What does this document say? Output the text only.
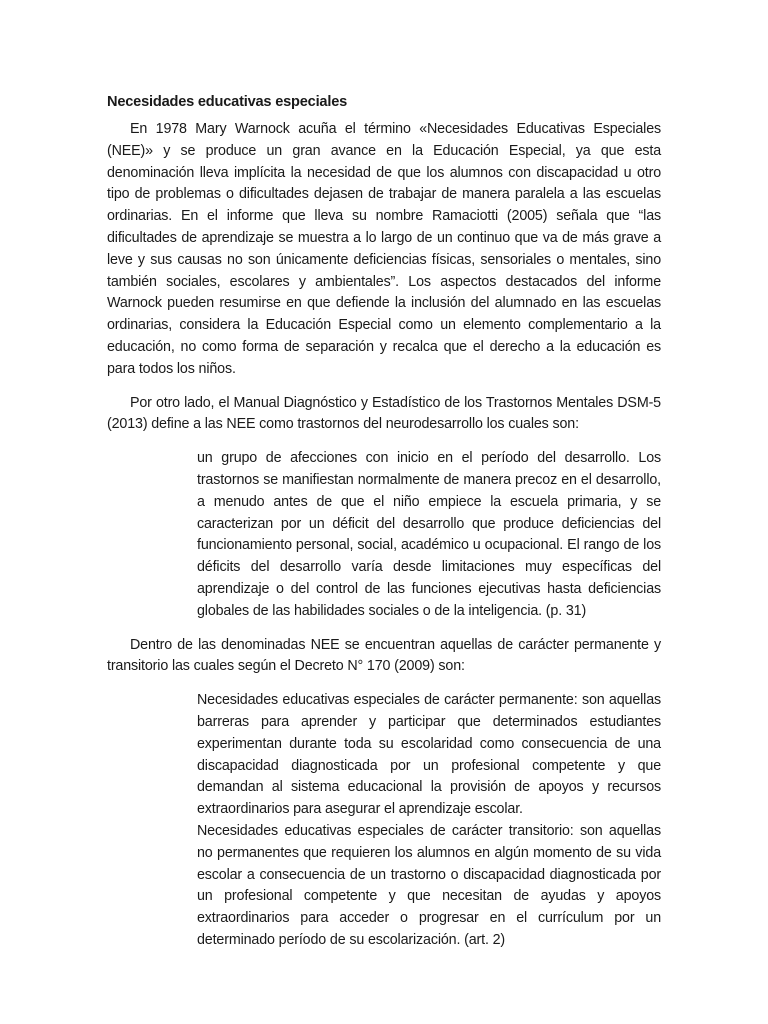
Necesidades educativas especiales

En 1978 Mary Warnock acuña el término «Necesidades Educativas Especiales (NEE)» y se produce un gran avance en la Educación Especial, ya que esta denominación lleva implícita la necesidad de que los alumnos con discapacidad u otro tipo de problemas o dificultades dejasen de trabajar de manera paralela a las escuelas ordinarias. En el informe que lleva su nombre Ramaciotti (2005) señala que “las dificultades de aprendizaje se muestra a lo largo de un continuo que va de más grave a leve y sus causas no son únicamente deficiencias físicas, sensoriales o mentales, sino también sociales, escolares y ambientales”. Los aspectos destacados del informe Warnock pueden resumirse en que defiende la inclusión del alumnado en las escuelas ordinarias, considera la Educación Especial como un elemento complementario a la educación, no como forma de separación y recalca que el derecho a la educación es para todos los niños.

Por otro lado, el Manual Diagnóstico y Estadístico de los Trastornos Mentales DSM-5 (2013) define a las NEE como trastornos del neurodesarrollo los cuales son:

un grupo de afecciones con inicio en el período del desarrollo. Los trastornos se manifiestan normalmente de manera precoz en el desarrollo, a menudo antes de que el niño empiece la escuela primaria, y se caracterizan por un déficit del desarrollo que produce deficiencias del funcionamiento personal, social, académico u ocupacional. El rango de los déficits del desarrollo varía desde limitaciones muy específicas del aprendizaje o del control de las funciones ejecutivas hasta deficiencias globales de las habilidades sociales o de la inteligencia. (p. 31)

Dentro de las denominadas NEE se encuentran aquellas de carácter permanente y transitorio las cuales según el Decreto N° 170 (2009) son:

Necesidades educativas especiales de carácter permanente: son aquellas barreras para aprender y participar que determinados estudiantes experimentan durante toda su escolaridad como consecuencia de una discapacidad diagnosticada por un profesional competente y que demandan al sistema educacional la provisión de apoyos y recursos extraordinarios para asegurar el aprendizaje escolar.

Necesidades educativas especiales de carácter transitorio: son aquellas no permanentes que requieren los alumnos en algún momento de su vida escolar a consecuencia de un trastorno o discapacidad diagnosticada por un profesional competente y que necesitan de ayudas y apoyos extraordinarios para acceder o progresar en el currículum por un determinado período de su escolarización. (art. 2)
